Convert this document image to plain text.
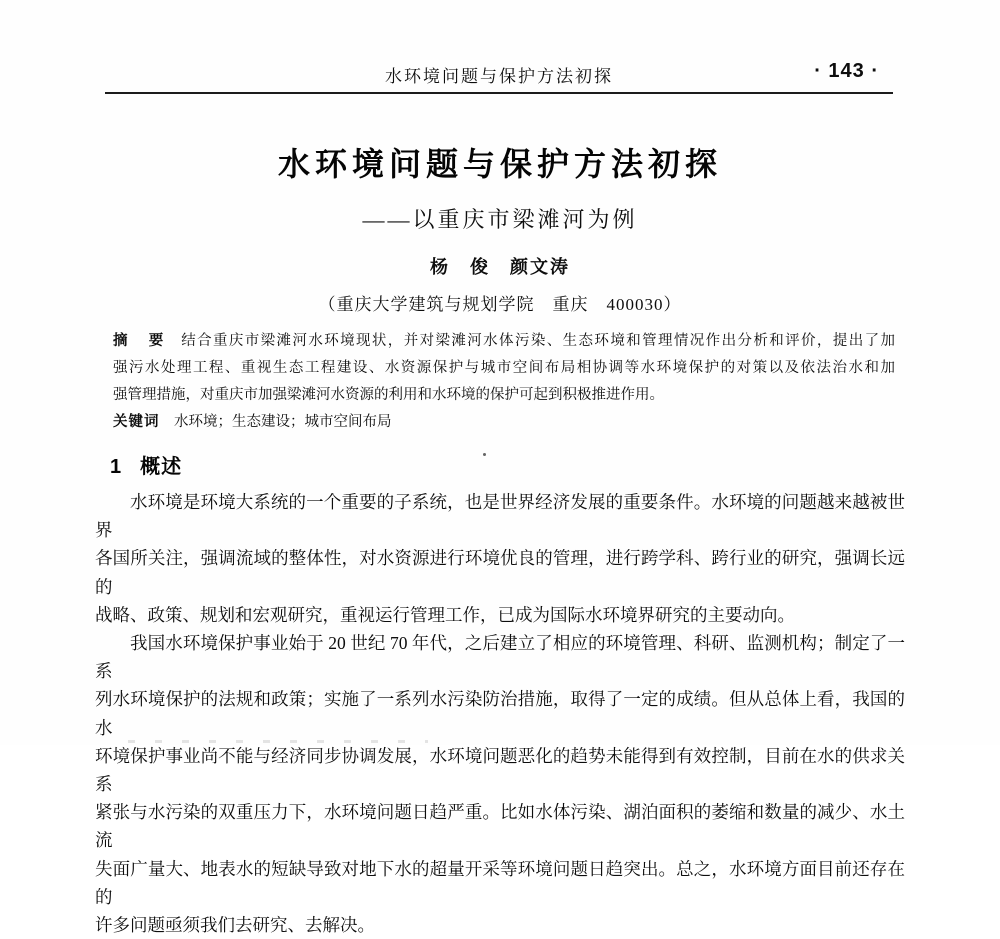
水环境问题与保护方法初探	· 143 ·
水环境问题与保护方法初探
——以重庆市梁滩河为例
杨　俊　颜文涛
（重庆大学建筑与规划学院　重庆　400030）
摘　要 结合重庆市梁滩河水环境现状，并对梁滩河水体污染、生态环境和管理情况作出分析和评价，提出了加
强污水处理工程、重视生态工程建设、水资源保护与城市空间布局相协调等水环境保护的对策以及依法治水和加
强管理措施，对重庆市加强梁滩河水资源的利用和水环境的保护可起到积极推进作用。
关键词 水环境；生态建设；城市空间布局
1 概述
水环境是环境大系统的一个重要的子系统，也是世界经济发展的重要条件。水环境的问题越来越被世界
各国所关注，强调流域的整体性，对水资源进行环境优良的管理，进行跨学科、跨行业的研究，强调长远的
战略、政策、规划和宏观研究，重视运行管理工作，已成为国际水环境界研究的主要动向。
我国水环境保护事业始于 20 世纪 70 年代，之后建立了相应的环境管理、科研、监测机构；制定了一系
列水环境保护的法规和政策；实施了一系列水污染防治措施，取得了一定的成绩。但从总体上看，我国的水
环境保护事业尚不能与经济同步协调发展，水环境问题恶化的趋势未能得到有效控制，目前在水的供求关系
紧张与水污染的双重压力下，水环境问题日趋严重。比如水体污染、湖泊面积的萎缩和数量的减少、水土流
失面广量大、地表水的短缺导致对地下水的超量开采等环境问题日趋突出。总之，水环境方面目前还存在的
许多问题亟须我们去研究、去解决。
